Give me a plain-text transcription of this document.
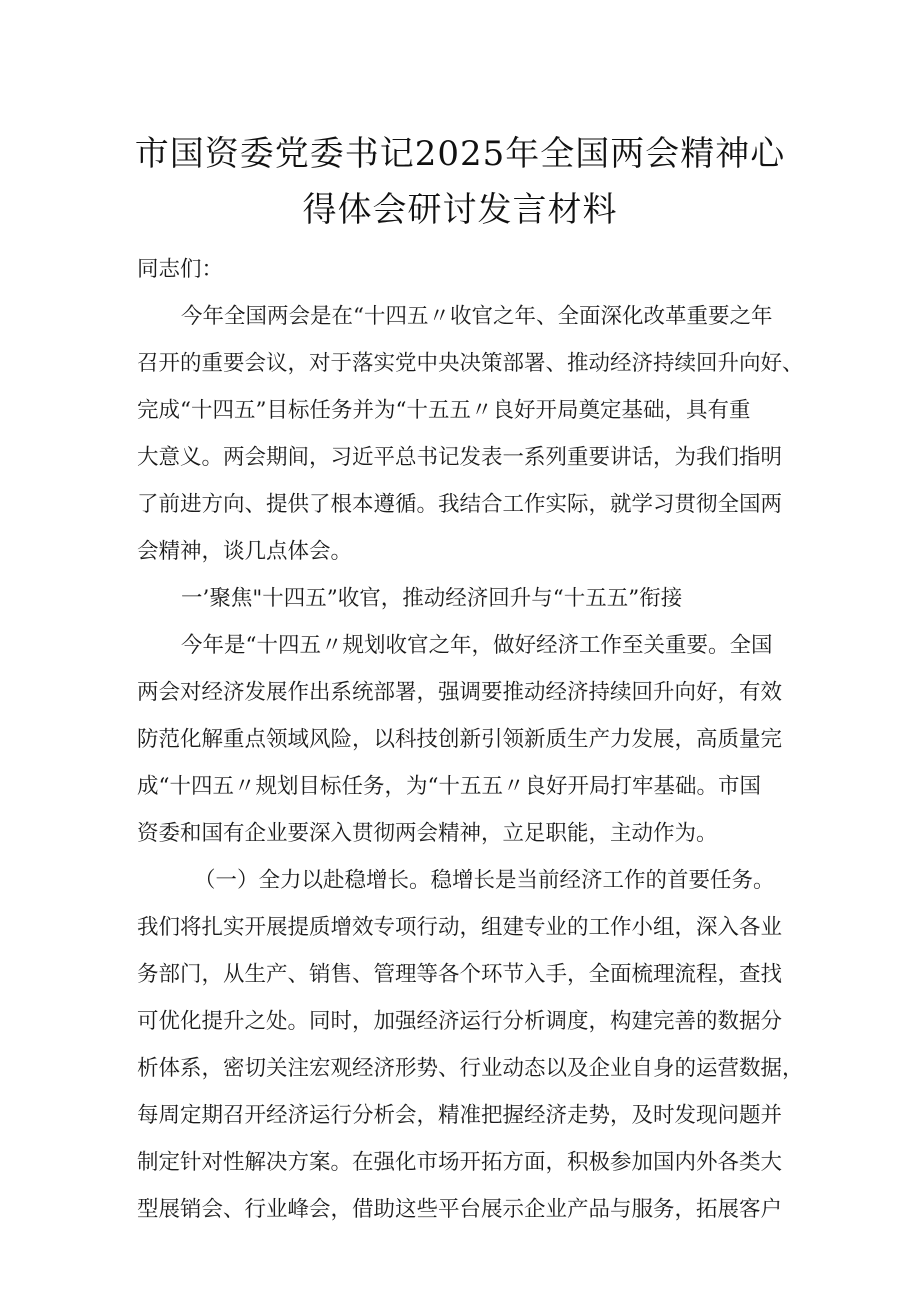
市国资委党委书记2025年全国两会精神心
得体会研讨发言材料
同志们：
今年全国两会是在“十四五〃收官之年、全面深化改革重要之年
召开的重要会议，对于落实党中央决策部署、推动经济持续回升向好、
完成“十四五”目标任务并为“十五五〃良好开局奠定基础，具有重
大意义。两会期间，习近平总书记发表一系列重要讲话，为我们指明
了前进方向、提供了根本遵循。我结合工作实际，就学习贯彻全国两
会精神，谈几点体会。
一’聚焦"十四五”收官，推动经济回升与“十五五”衔接
今年是“十四五〃规划收官之年，做好经济工作至关重要。全国
两会对经济发展作出系统部署，强调要推动经济持续回升向好，有效
防范化解重点领域风险，以科技创新引领新质生产力发展，高质量完
成“十四五〃规划目标任务，为“十五五〃良好开局打牢基础。市国
资委和国有企业要深入贯彻两会精神，立足职能，主动作为。
（一）全力以赴稳增长。稳增长是当前经济工作的首要任务。
我们将扎实开展提质增效专项行动，组建专业的工作小组，深入各业
务部门，从生产、销售、管理等各个环节入手，全面梳理流程，查找
可优化提升之处。同时，加强经济运行分析调度，构建完善的数据分
析体系，密切关注宏观经济形势、行业动态以及企业自身的运营数据，
每周定期召开经济运行分析会，精准把握经济走势，及时发现问题并
制定针对性解决方案。在强化市场开拓方面，积极参加国内外各类大
型展销会、行业峰会，借助这些平台展示企业产品与服务，拓展客户
